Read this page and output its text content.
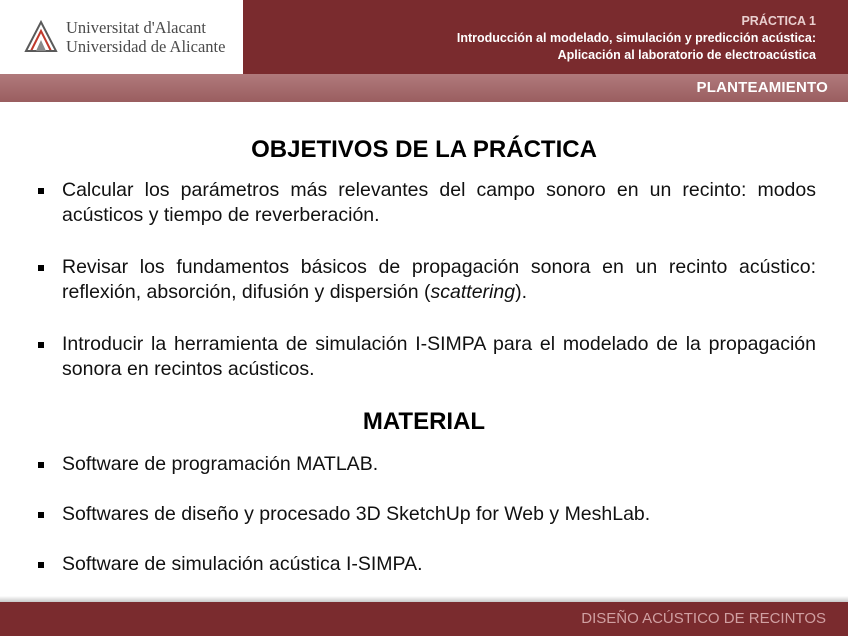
Universitat d'Alacant
Universidad de Alicante
PRÁCTICA 1
Introducción al modelado, simulación y predicción acústica:
Aplicación al laboratorio de electroacústica
PLANTEAMIENTO
OBJETIVOS DE LA PRÁCTICA
Calcular los parámetros más relevantes del campo sonoro en un recinto: modos acústicos y tiempo de reverberación.
Revisar los fundamentos básicos de propagación sonora en un recinto acústico: reflexión, absorción, difusión y dispersión (scattering).
Introducir la herramienta de simulación I-SIMPA para el modelado de la propagación sonora en recintos acústicos.
MATERIAL
Software de programación MATLAB.
Softwares de diseño y procesado 3D SketchUp for Web y MeshLab.
Software de simulación acústica I-SIMPA.
DISEÑO ACÚSTICO DE RECINTOS
